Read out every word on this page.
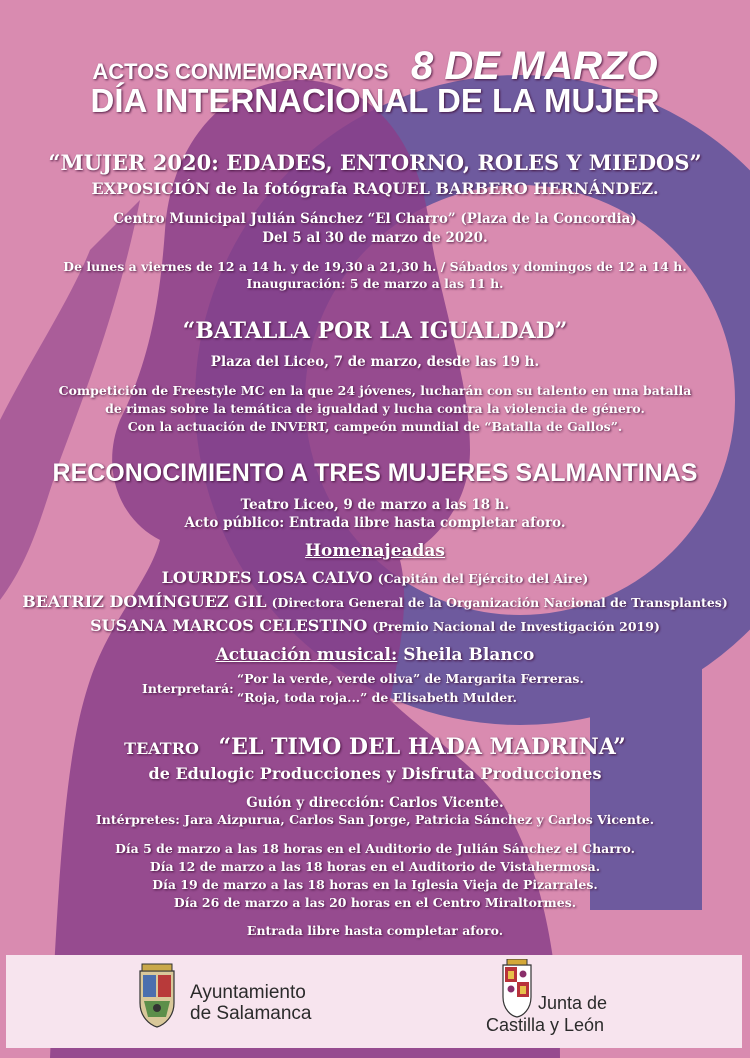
ACTOS CONMEMORATIVOS 8 DE MARZO
DÍA INTERNACIONAL DE LA MUJER
“MUJER 2020: EDADES, ENTORNO, ROLES Y MIEDOS”
EXPOSICIÓN de la fotógrafa RAQUEL BARBERO HERNÁNDEZ.
Centro Municipal Julián Sánchez “El Charro” (Plaza de la Concordia)
Del 5 al 30 de marzo de 2020.
De lunes a viernes de 12 a 14 h. y de 19,30 a 21,30 h. / Sábados y domingos de 12 a 14 h.
Inauguración: 5 de marzo a las 11 h.
“BATALLA POR LA IGUALDAD”
Plaza del Liceo, 7 de marzo, desde las 19 h.
Competición de Freestyle MC en la que 24 jóvenes, lucharán con su talento en una batalla
de rimas sobre la temática de igualdad y lucha contra la violencia de género.
Con la actuación de INVERT, campeón mundial de “Batalla de Gallos”.
RECONOCIMIENTO A TRES MUJERES SALMANTINAS
Teatro Liceo, 9 de marzo a las 18 h.
Acto público: Entrada libre hasta completar aforo.
Homenajeadas
LOURDES LOSA CALVO (Capitán del Ejército del Aire)
BEATRIZ DOMÍNGUEZ GIL (Directora General de la Organización Nacional de Transplantes)
SUSANA MARCOS CELESTINO (Premio Nacional de Investigación 2019)
Actuación musical: Sheila Blanco
Interpretará:
“Por la verde, verde oliva” de Margarita Ferreras.
“Roja, toda roja...” de Elisabeth Mulder.
TEATRO “EL TIMO DEL HADA MADRINA”
de Edulogic Producciones y Disfruta Producciones
Guión y dirección: Carlos Vicente.
Intérpretes: Jara Aizpurua, Carlos San Jorge, Patricia Sánchez y Carlos Vicente.
Día 5 de marzo a las 18 horas en el Auditorio de Julián Sánchez el Charro.
Día 12 de marzo a las 18 horas en el Auditorio de Vistahermosa.
Día 19 de marzo a las 18 horas en la Iglesia Vieja de Pizarrales.
Día 26 de marzo a las 20 horas en el Centro Miraltormes.
Entrada libre hasta completar aforo.
Ayuntamiento
de Salamanca	Junta de
Castilla y León
